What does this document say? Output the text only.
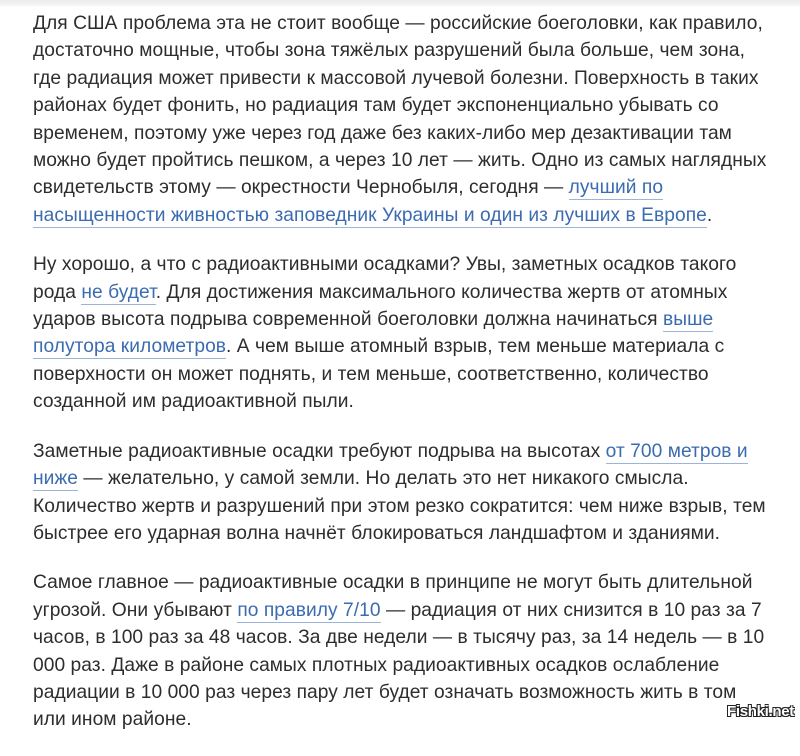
Для США проблема эта не стоит вообще — российские боеголовки, как правило, достаточно мощные, чтобы зона тяжёлых разрушений была больше, чем зона, где радиация может привести к массовой лучевой болезни. Поверхность в таких районах будет фонить, но радиация там будет экспоненциально убывать со временем, поэтому уже через год даже без каких-либо мер дезактивации там можно будет пройтись пешком, а через 10 лет — жить. Одно из самых наглядных свидетельств этому — окрестности Чернобыля, сегодня — лучший по насыщенности живностью заповедник Украины и один из лучших в Европе.

Ну хорошо, а что с радиоактивными осадками? Увы, заметных осадков такого рода не будет. Для достижения максимального количества жертв от атомных ударов высота подрыва современной боеголовки должна начинаться выше полутора километров. А чем выше атомный взрыв, тем меньше материала с поверхности он может поднять, и тем меньше, соответственно, количество созданной им радиоактивной пыли.

Заметные радиоактивные осадки требуют подрыва на высотах от 700 метров и ниже — желательно, у самой земли. Но делать это нет никакого смысла. Количество жертв и разрушений при этом резко сократится: чем ниже взрыв, тем быстрее его ударная волна начнёт блокироваться ландшафтом и зданиями.

Самое главное — радиоактивные осадки в принципе не могут быть длительной угрозой. Они убывают по правилу 7/10 — радиация от них снизится в 10 раз за 7 часов, в 100 раз за 48 часов. За две недели — в тысячу раз, за 14 недель — в 10 000 раз. Даже в районе самых плотных радиоактивных осадков ослабление радиации в 10 000 раз через пару лет будет означать возможность жить в том или ином районе.	Fishki.net
